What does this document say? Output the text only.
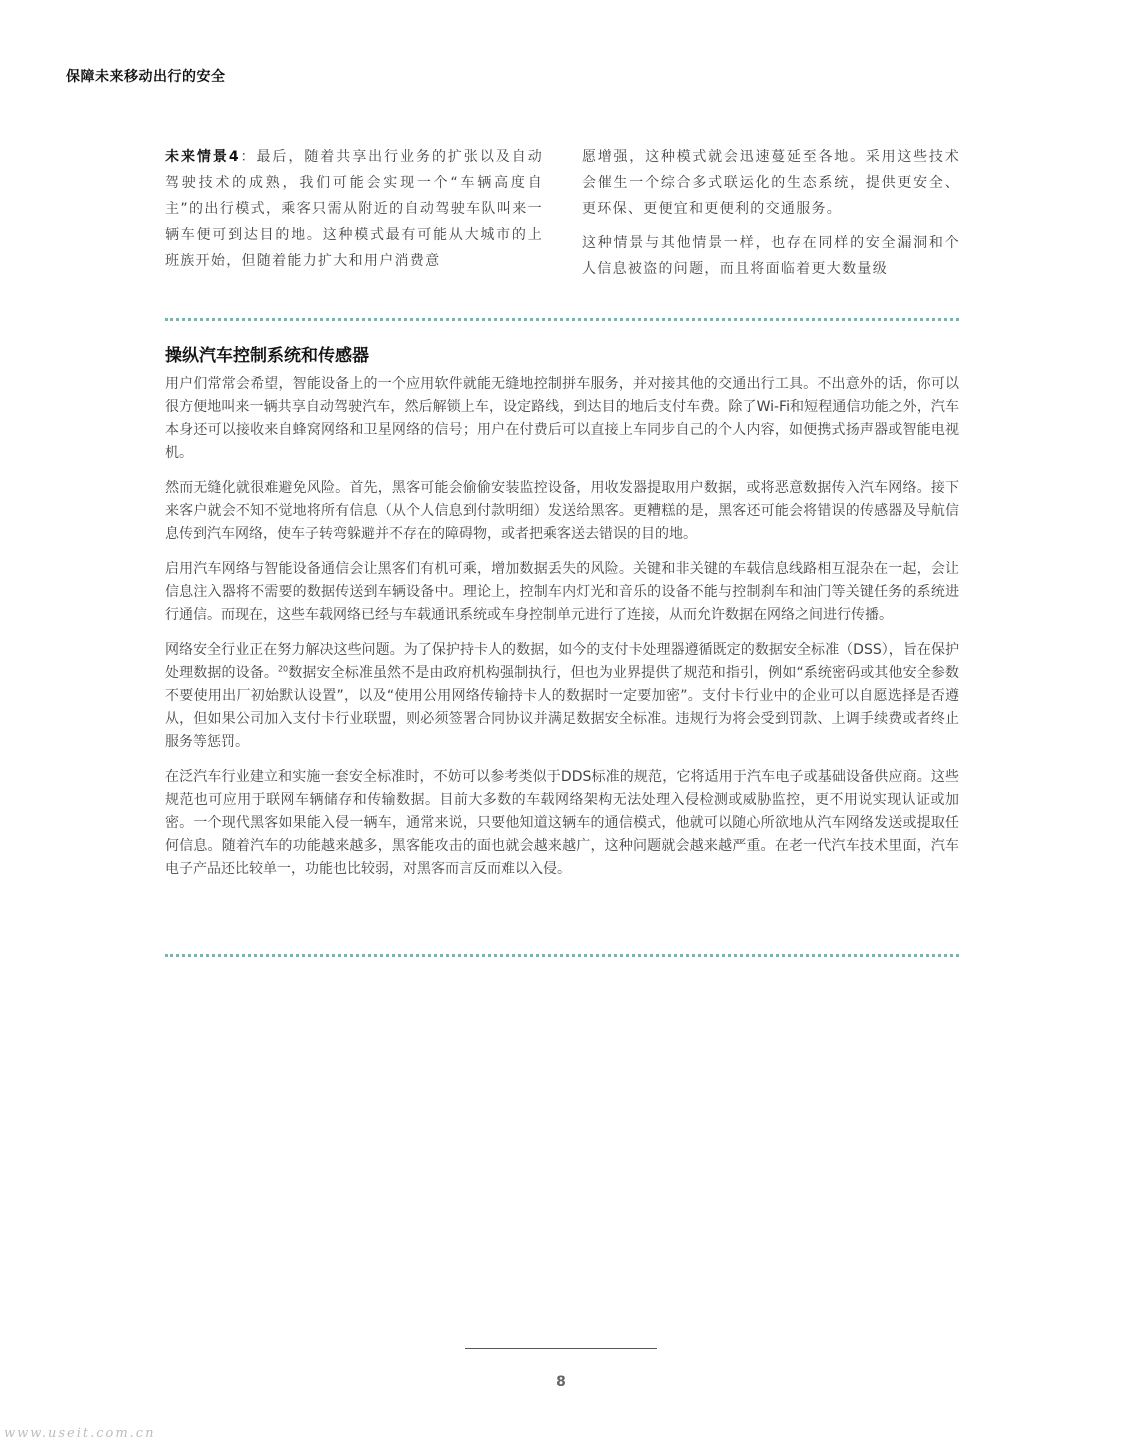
保障未来移动出行的安全

未来情景4：最后，随着共享出行业务的扩张以及自动驾驶技术的成熟，我们可能会实现一个“车辆高度自主”的出行模式，乘客只需从附近的自动驾驶车队叫来一辆车便可到达目的地。这种模式最有可能从大城市的上班族开始，但随着能力扩大和用户消费意

愿增强，这种模式就会迅速蔓延至各地。采用这些技术会催生一个综合多式联运化的生态系统，提供更安全、更环保、更便宜和更便利的交通服务。

这种情景与其他情景一样，也存在同样的安全漏洞和个人信息被盗的问题，而且将面临着更大数量级

操纵汽车控制系统和传感器

用户们常常会希望，智能设备上的一个应用软件就能无缝地控制拼车服务，并对接其他的交通出行工具。不出意外的话，你可以很方便地叫来一辆共享自动驾驶汽车，然后解锁上车，设定路线，到达目的地后支付车费。除了Wi-Fi和短程通信功能之外，汽车本身还可以接收来自蜂窝网络和卫星网络的信号；用户在付费后可以直接上车同步自己的个人内容，如便携式扬声器或智能电视机。

然而无缝化就很难避免风险。首先，黑客可能会偷偷安装监控设备，用收发器提取用户数据，或将恶意数据传入汽车网络。接下来客户就会不知不觉地将所有信息（从个人信息到付款明细）发送给黑客。更糟糕的是，黑客还可能会将错误的传感器及导航信息传到汽车网络，使车子转弯躲避并不存在的障碍物，或者把乘客送去错误的目的地。

启用汽车网络与智能设备通信会让黑客们有机可乘，增加数据丢失的风险。关键和非关键的车载信息线路相互混杂在一起，会让信息注入器将不需要的数据传送到车辆设备中。理论上，控制车内灯光和音乐的设备不能与控制刹车和油门等关键任务的系统进行通信。而现在，这些车载网络已经与车载通讯系统或车身控制单元进行了连接，从而允许数据在网络之间进行传播。

网络安全行业正在努力解决这些问题。为了保护持卡人的数据，如今的支付卡处理器遵循既定的数据安全标准（DSS），旨在保护处理数据的设备。$^{20}$数据安全标准虽然不是由政府机构强制执行，但也为业界提供了规范和指引，例如“系统密码或其他安全参数不要使用出厂初始默认设置”，以及“使用公用网络传输持卡人的数据时一定要加密”。支付卡行业中的企业可以自愿选择是否遵从，但如果公司加入支付卡行业联盟，则必须签署合同协议并满足数据安全标准。违规行为将会受到罚款、上调手续费或者终止服务等惩罚。

在泛汽车行业建立和实施一套安全标准时，不妨可以参考类似于DDS标准的规范，它将适用于汽车电子或基础设备供应商。这些规范也可应用于联网车辆储存和传输数据。目前大多数的车载网络架构无法处理入侵检测或威胁监控，更不用说实现认证或加密。一个现代黑客如果能入侵一辆车，通常来说，只要他知道这辆车的通信模式，他就可以随心所欲地从汽车网络发送或提取任何信息。随着汽车的功能越来越多，黑客能攻击的面也就会越来越广，这种问题就会越来越严重。在老一代汽车技术里面，汽车电子产品还比较单一，功能也比较弱，对黑客而言反而难以入侵。

8
www.useit.com.cn
